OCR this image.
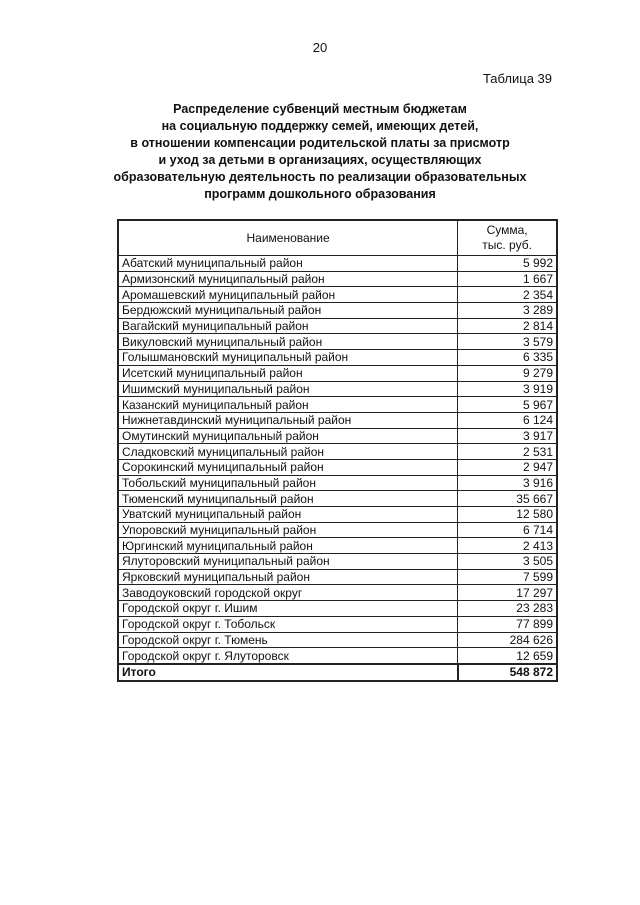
20
Таблица 39
Распределение субвенций местным бюджетам
на социальную поддержку семей, имеющих детей,
в отношении компенсации родительской платы за присмотр
и уход за детьми в организациях, осуществляющих
образовательную деятельность по реализации образовательных
программ дошкольного образования
Наименование	Сумма,
тыс. руб.

Абатский муниципальный район	5 992
Армизонский муниципальный район	1 667
Аромашевский муниципальный район	2 354
Бердюжский муниципальный район	3 289
Вагайский муниципальный район	2 814
Викуловский муниципальный район	3 579
Голышмановский муниципальный район	6 335
Исетский муниципальный район	9 279
Ишимский муниципальный район	3 919
Казанский муниципальный район	5 967
Нижнетавдинский муниципальный район	6 124
Омутинский муниципальный район	3 917
Сладковский муниципальный район	2 531
Сорокинский муниципальный район	2 947
Тобольский муниципальный район	3 916
Тюменский муниципальный район	35 667
Уватский муниципальный район	12 580
Упоровский муниципальный район	6 714
Юргинский муниципальный район	2 413
Ялуторовский муниципальный район	3 505
Ярковский муниципальный район	7 599
Заводоуковский городской округ	17 297
Городской округ г. Ишим	23 283
Городской округ г. Тобольск	77 899
Городской округ г. Тюмень	284 626
Городской округ г. Ялуторовск	12 659
Итого	548 872
